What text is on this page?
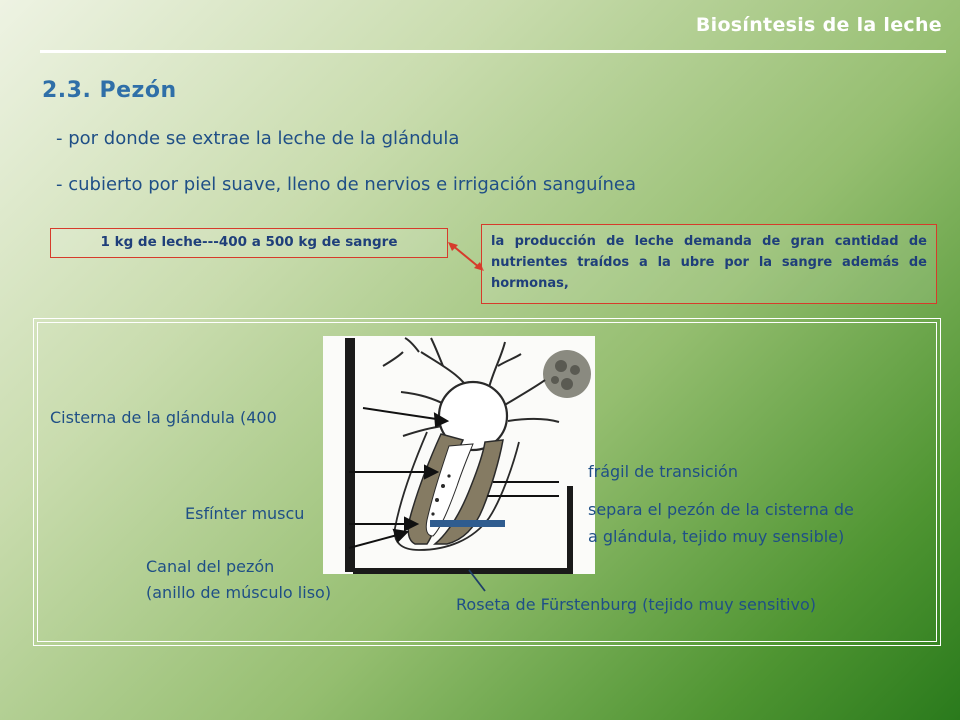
Biosíntesis de la leche
2.3. Pezón
- por donde se extrae la leche de la glándula
- cubierto por piel suave, lleno de nervios e irrigación sanguínea
1 kg de leche---400 a 500 kg de sangre	la producción de leche demanda de gran cantidad de nutrientes traídos a la ubre por la sangre además de hormonas,
Cisterna de la glándula (400
Esfínter muscu
Canal del pezón
(anillo de músculo liso)
frágil de transición
separa el pezón de la cisterna de
a glándula, tejido muy sensible)
Roseta de Fürstenburg (tejido muy sensitivo)
